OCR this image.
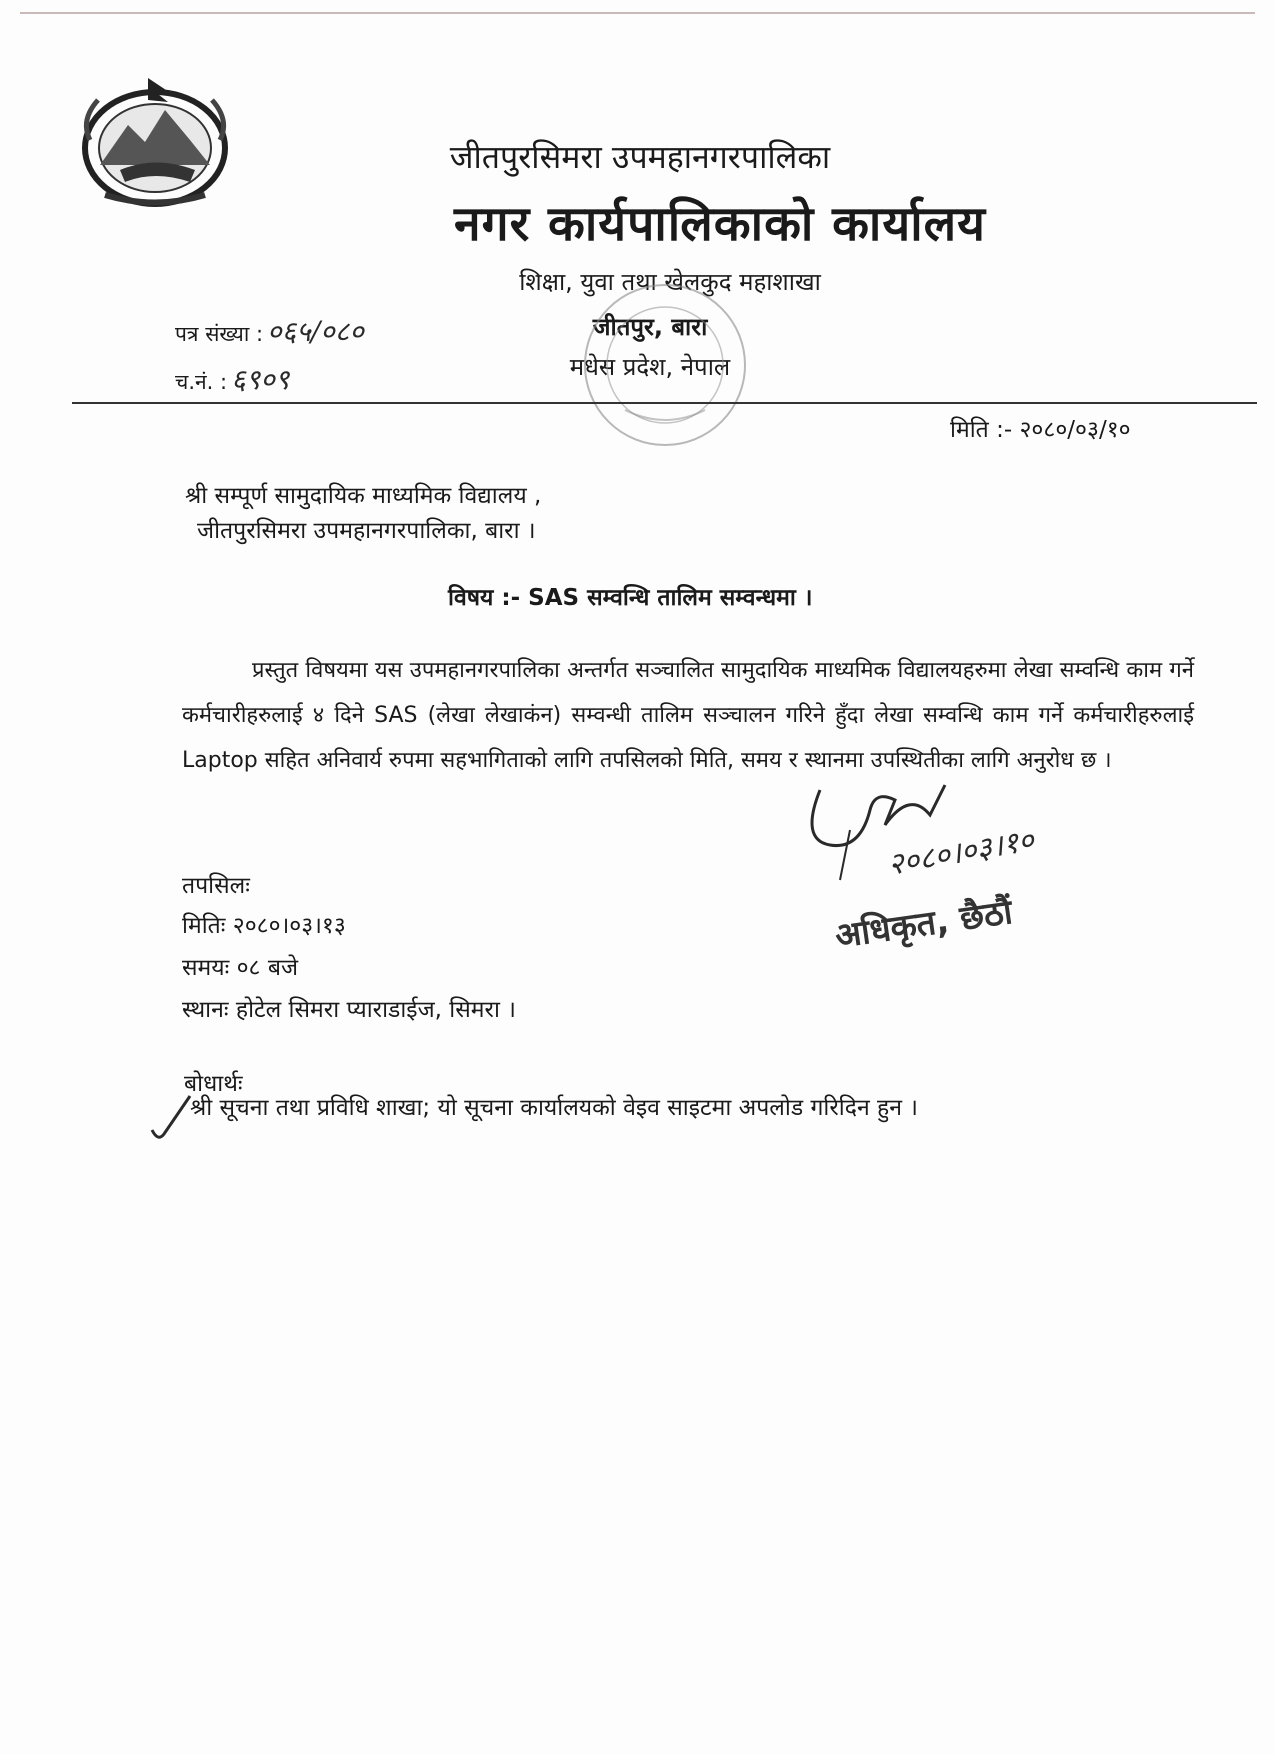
जीतपुरसिमरा उपमहानगरपालिका
नगर कार्यपालिकाको कार्यालय
शिक्षा, युवा तथा खेलकुद महाशाखा
जीतपुर, बारा
मधेस प्रदेश, नेपाल
पत्र संख्या : ०६५/०८०
च.नं. : ६९०९
मिति :- २०८०/०३/१०
श्री सम्पूर्ण सामुदायिक माध्यमिक विद्यालय ,
जीतपुरसिमरा उपमहानगरपालिका, बारा ।
विषय :- SAS सम्वन्धि तालिम सम्वन्धमा ।

प्रस्तुत विषयमा यस उपमहानगरपालिका अन्तर्गत सञ्चालित सामुदायिक माध्यमिक विद्यालयहरुमा लेखा सम्वन्धि काम गर्ने कर्मचारीहरुलाई ४ दिने SAS (लेखा लेखाकंन) सम्वन्धी तालिम सञ्चालन गरिने हुँदा लेखा सम्वन्धि काम गर्ने कर्मचारीहरुलाई Laptop सहित अनिवार्य रुपमा सहभागिताको लागि तपसिलको मिति, समय र स्थानमा उपस्थितीका लागि अनुरोध छ ।

२०८०।०३।१०
अधिकृत, छैठौं
तपसिलः
मितिः २०८०।०३।१३
समयः ०८ बजे
स्थानः होटेल सिमरा प्याराडाईज, सिमरा ।
बोधार्थः
श्री सूचना तथा प्रविधि शाखा; यो सूचना कार्यालयको वेइव साइटमा अपलोड गरिदिन हुन ।
